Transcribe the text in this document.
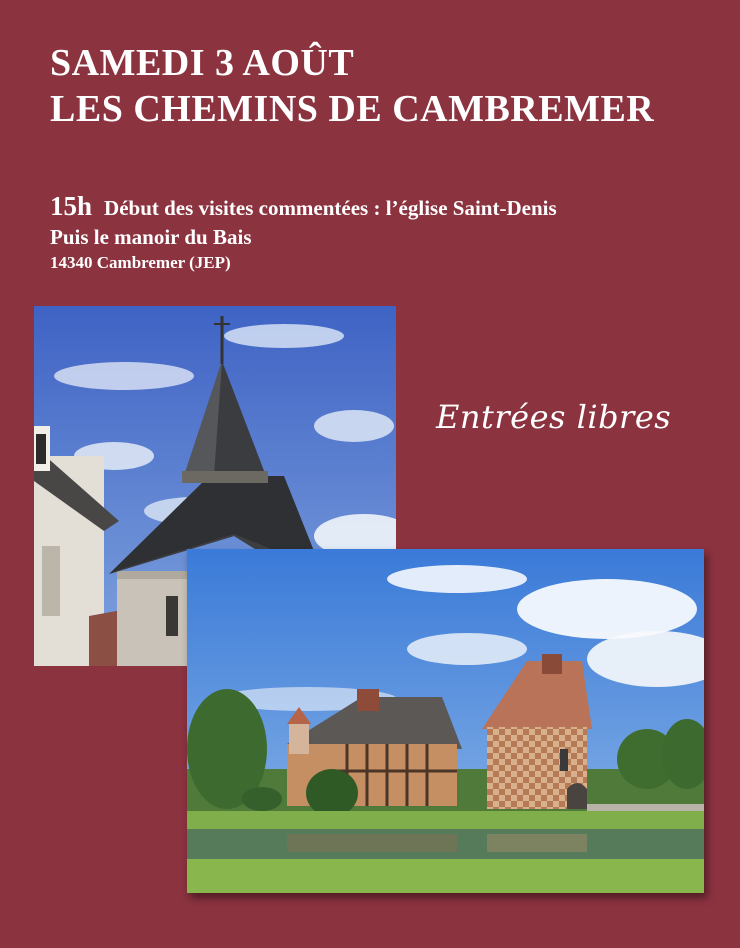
SAMEDI 3 AOÛT
LES CHEMINS DE CAMBREMER
15h Début des visites commentées : l’église Saint-Denis
Puis le manoir du Bais
14340 Cambremer (JEP)
Entrées libres
